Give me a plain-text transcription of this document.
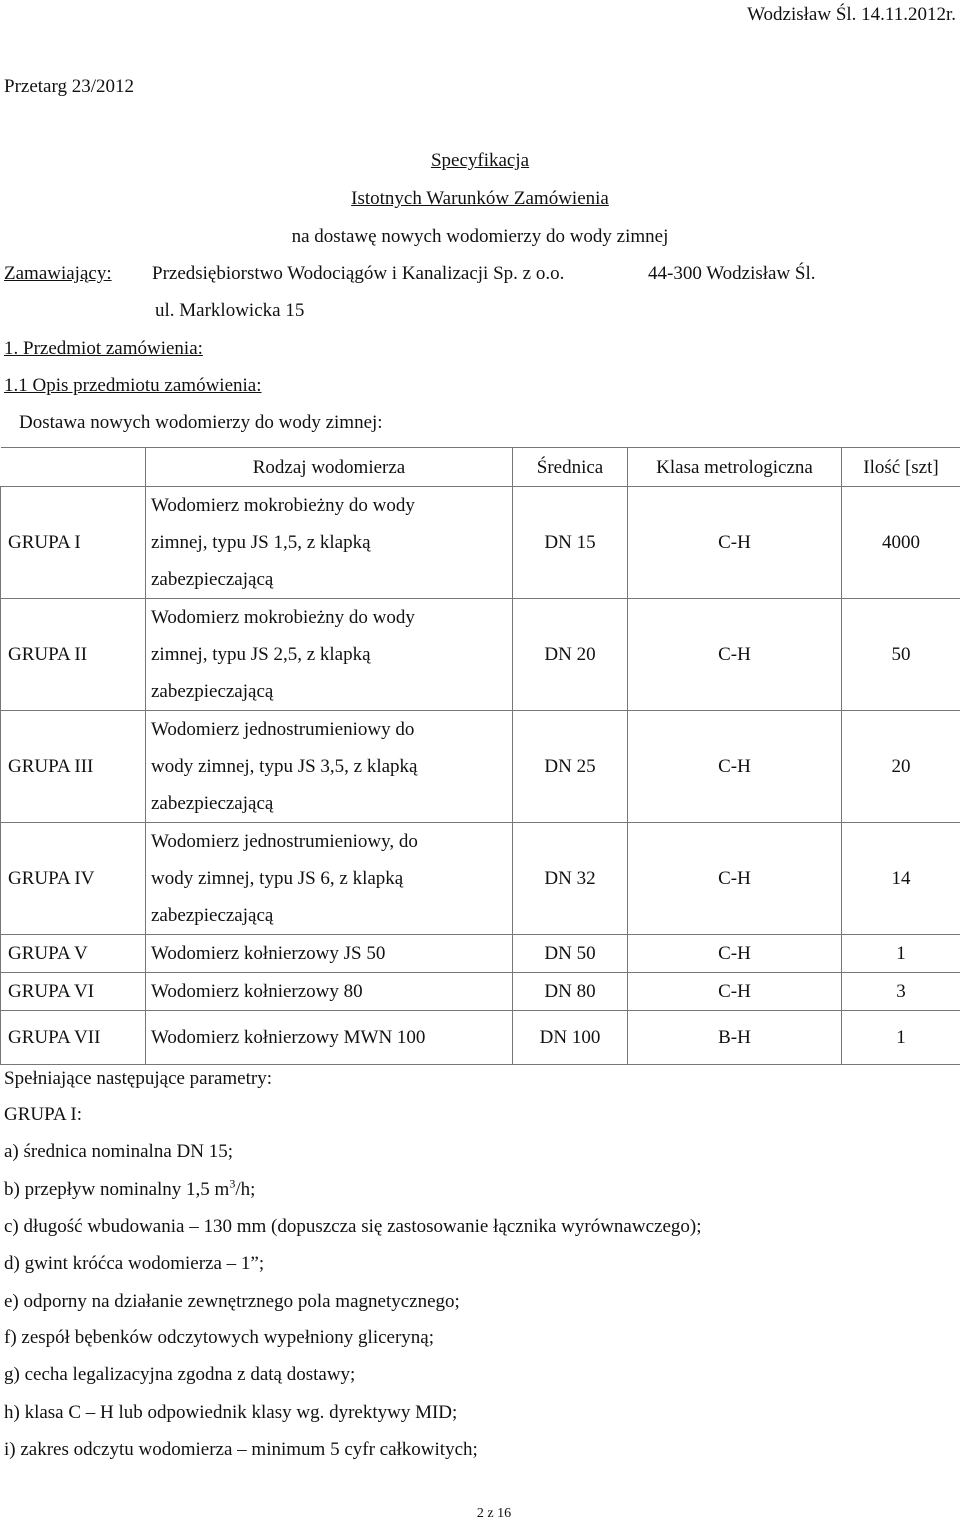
Wodzisław Śl. 14.11.2012r.
Przetarg 23/2012
Specyfikacja
Istotnych Warunków Zamówienia
na dostawę nowych wodomierzy do wody zimnej
Zamawiający: Przedsiębiorstwo Wodociągów i Kanalizacji Sp. z o.o.	44-300 Wodzisław Śl.
ul. Marklowicka 15
1. Przedmiot zamówienia:
1.1 Opis przedmiotu zamówienia:
Dostawa nowych wodomierzy do wody zimnej:
	Rodzaj wodomierza	Średnica	Klasa metrologiczna	Ilość [szt]
GRUPA I	Wodomierz mokrobieżny do wody
zimnej, typu JS 1,5, z klapką
zabezpieczającą	DN 15	C-H	4000
GRUPA II	Wodomierz mokrobieżny do wody
zimnej, typu JS 2,5, z klapką
zabezpieczającą	DN 20	C-H	50
GRUPA III	Wodomierz jednostrumieniowy do
wody zimnej, typu JS 3,5, z klapką
zabezpieczającą	DN 25	C-H	20
GRUPA IV	Wodomierz jednostrumieniowy, do
wody zimnej, typu JS 6, z klapką
zabezpieczającą	DN 32	C-H	14
GRUPA V	Wodomierz kołnierzowy JS 50	DN 50	C-H	1
GRUPA VI	Wodomierz kołnierzowy 80	DN 80	C-H	3
GRUPA VII	Wodomierz kołnierzowy MWN 100	DN 100	B-H	1
Spełniające następujące parametry:
GRUPA I:
a) średnica nominalna DN 15;
b) przepływ nominalny 1,5 $m^3/h$;
c) długość wbudowania – 130 mm (dopuszcza się zastosowanie łącznika wyrównawczego);
d) gwint króćca wodomierza – 1”;
e) odporny na działanie zewnętrznego pola magnetycznego;
f) zespół bębenków odczytowych wypełniony gliceryną;
g) cecha legalizacyjna zgodna z datą dostawy;
h) klasa C – H lub odpowiednik klasy wg. dyrektywy MID;
i) zakres odczytu wodomierza – minimum 5 cyfr całkowitych;
2 z 16
